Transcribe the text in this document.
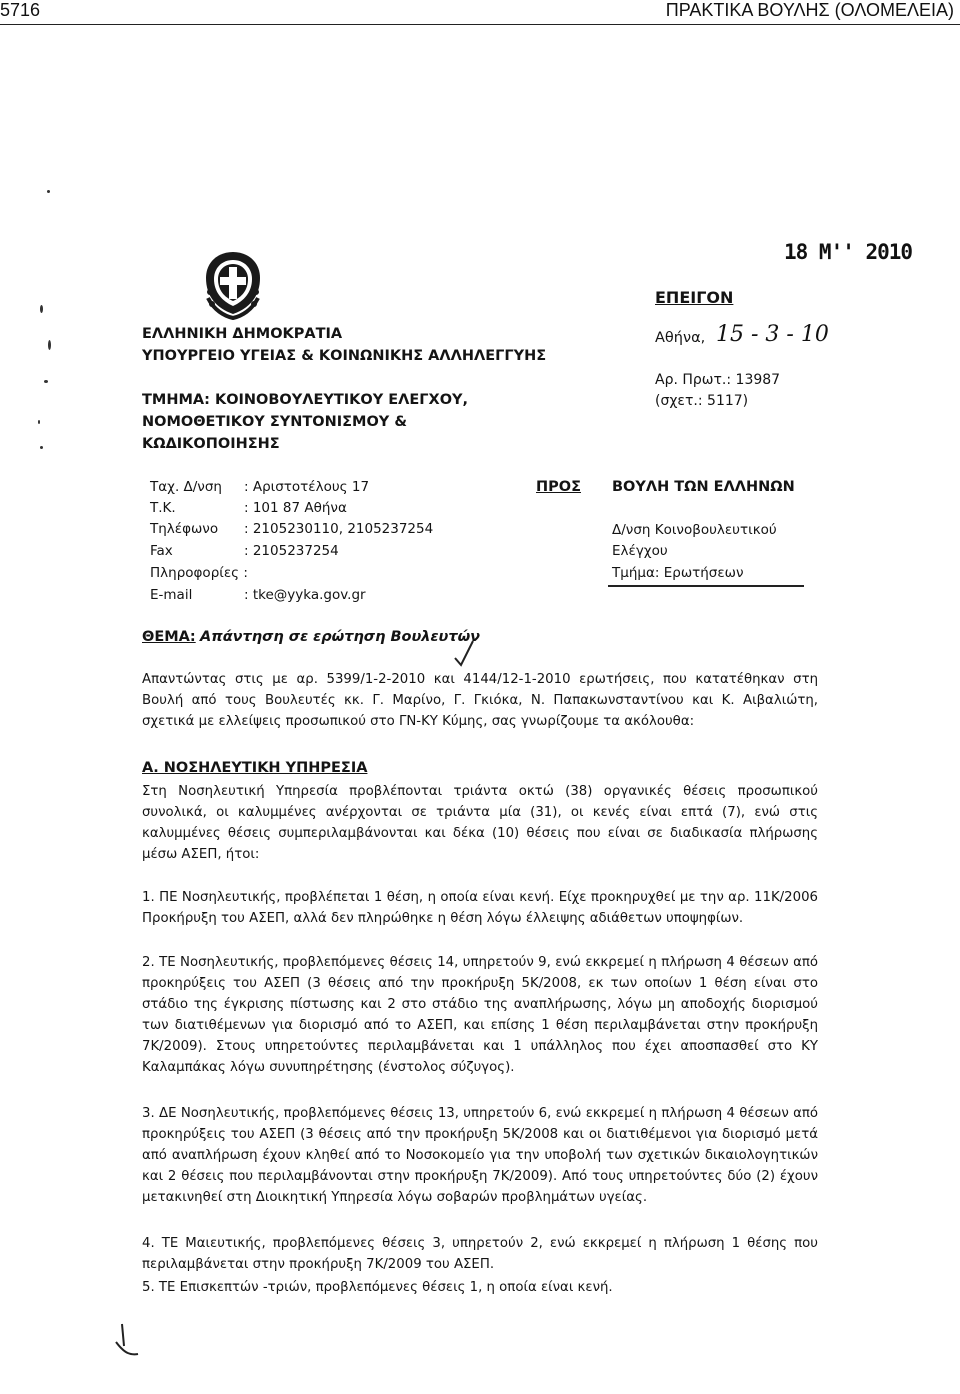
5716	ΠΡΑΚΤΙΚΑ ΒΟΥΛΗΣ (ΟΛΟΜΕΛΕΙΑ)
18 Μ'' 2010
ΕΠΕΙΓΟΝ
ΕΛΛΗΝΙΚΗ ΔΗΜΟΚΡΑΤΙΑ
ΥΠΟΥΡΓΕΙΟ ΥΓΕΙΑΣ & ΚΟΙΝΩΝΙΚΗΣ ΑΛΛΗΛΕΓΓΥΗΣ
ΤΜΗΜΑ: ΚΟΙΝΟΒΟΥΛΕΥΤΙΚΟΥ ΕΛΕΓΧΟΥ,
ΝΟΜΟΘΕΤΙΚΟΥ ΣΥΝΤΟΝΙΣΜΟΥ &
ΚΩΔΙΚΟΠΟΙΗΣΗΣ
Αθήνα, 15 - 3 - 10
Αρ. Πρωτ.: 13987
(σχετ.: 5117)
Ταχ. Δ/νση : Αριστοτέλους 17
Τ.Κ.	: 101 87 Αθήνα
Τηλέφωνο : 2105230110, 2105237254
Fax	: 2105237254
Πληροφορίες :
E-mail	: tke@yyka.gov.gr
ΠΡΟΣ ΒΟΥΛΗ ΤΩΝ ΕΛΛΗΝΩΝ
Δ/νση Κοινοβουλευτικού
Ελέγχου
Τμήμα: Ερωτήσεων
ΘΕΜΑ: Απάντηση σε ερώτηση Βουλευτών
Απαντώντας στις με αρ. 5399/1-2-2010 και 4144/12-1-2010 ερωτήσεις, που κατατέθηκαν στη Βουλή από τους Βουλευτές κκ. Γ. Μαρίνο, Γ. Γκιόκα, Ν. Παπακωνσταντίνου και Κ. Αιβαλιώτη, σχετικά με ελλείψεις προσωπικού στο ΓΝ-ΚΥ Κύμης, σας γνωρίζουμε τα ακόλουθα:
Α. ΝΟΣΗΛΕΥΤΙΚΗ ΥΠΗΡΕΣΙΑ
Στη Νοσηλευτική Υπηρεσία προβλέπονται τριάντα οκτώ (38) οργανικές θέσεις προσωπικού συνολικά, οι καλυμμένες ανέρχονται σε τριάντα μία (31), οι κενές είναι επτά (7), ενώ στις καλυμμένες θέσεις συμπεριλαμβάνονται και δέκα (10) θέσεις που είναι σε διαδικασία πλήρωσης μέσω ΑΣΕΠ, ήτοι:
1. ΠΕ Νοσηλευτικής, προβλέπεται 1 θέση, η οποία είναι κενή. Είχε προκηρυχθεί με την αρ. 11Κ/2006 Προκήρυξη του ΑΣΕΠ, αλλά δεν πληρώθηκε η θέση λόγω έλλειψης αδιάθετων υποψηφίων.
2. ΤΕ Νοσηλευτικής, προβλεπόμενες θέσεις 14, υπηρετούν 9, ενώ εκκρεμεί η πλήρωση 4 θέσεων από προκηρύξεις του ΑΣΕΠ (3 θέσεις από την προκήρυξη 5Κ/2008, εκ των οποίων 1 θέση είναι στο στάδιο της έγκρισης πίστωσης και 2 στο στάδιο της αναπλήρωσης, λόγω μη αποδοχής διορισμού των διατιθέμενων για διορισμό από το ΑΣΕΠ, και επίσης 1 θέση περιλαμβάνεται στην προκήρυξη 7Κ/2009). Στους υπηρετούντες περιλαμβάνεται και 1 υπάλληλος που έχει αποσπασθεί στο ΚΥ Καλαμπάκας λόγω συνυπηρέτησης (ένστολος σύζυγος).
3. ΔΕ Νοσηλευτικής, προβλεπόμενες θέσεις 13, υπηρετούν 6, ενώ εκκρεμεί η πλήρωση 4 θέσεων από προκηρύξεις του ΑΣΕΠ (3 θέσεις από την προκήρυξη 5Κ/2008 και οι διατιθέμενοι για διορισμό μετά από αναπλήρωση έχουν κληθεί από το Νοσοκομείο για την υποβολή των σχετικών δικαιολογητικών και 2 θέσεις που περιλαμβάνονται στην προκήρυξη 7Κ/2009). Από τους υπηρετούντες δύο (2) έχουν μετακινηθεί στη Διοικητική Υπηρεσία λόγω σοβαρών προβλημάτων υγείας.
4. ΤΕ Μαιευτικής, προβλεπόμενες θέσεις 3, υπηρετούν 2, ενώ εκκρεμεί η πλήρωση 1 θέσης που περιλαμβάνεται στην προκήρυξη 7Κ/2009 του ΑΣΕΠ.
5. ΤΕ Επισκεπτών -τριών, προβλεπόμενες θέσεις 1, η οποία είναι κενή.
